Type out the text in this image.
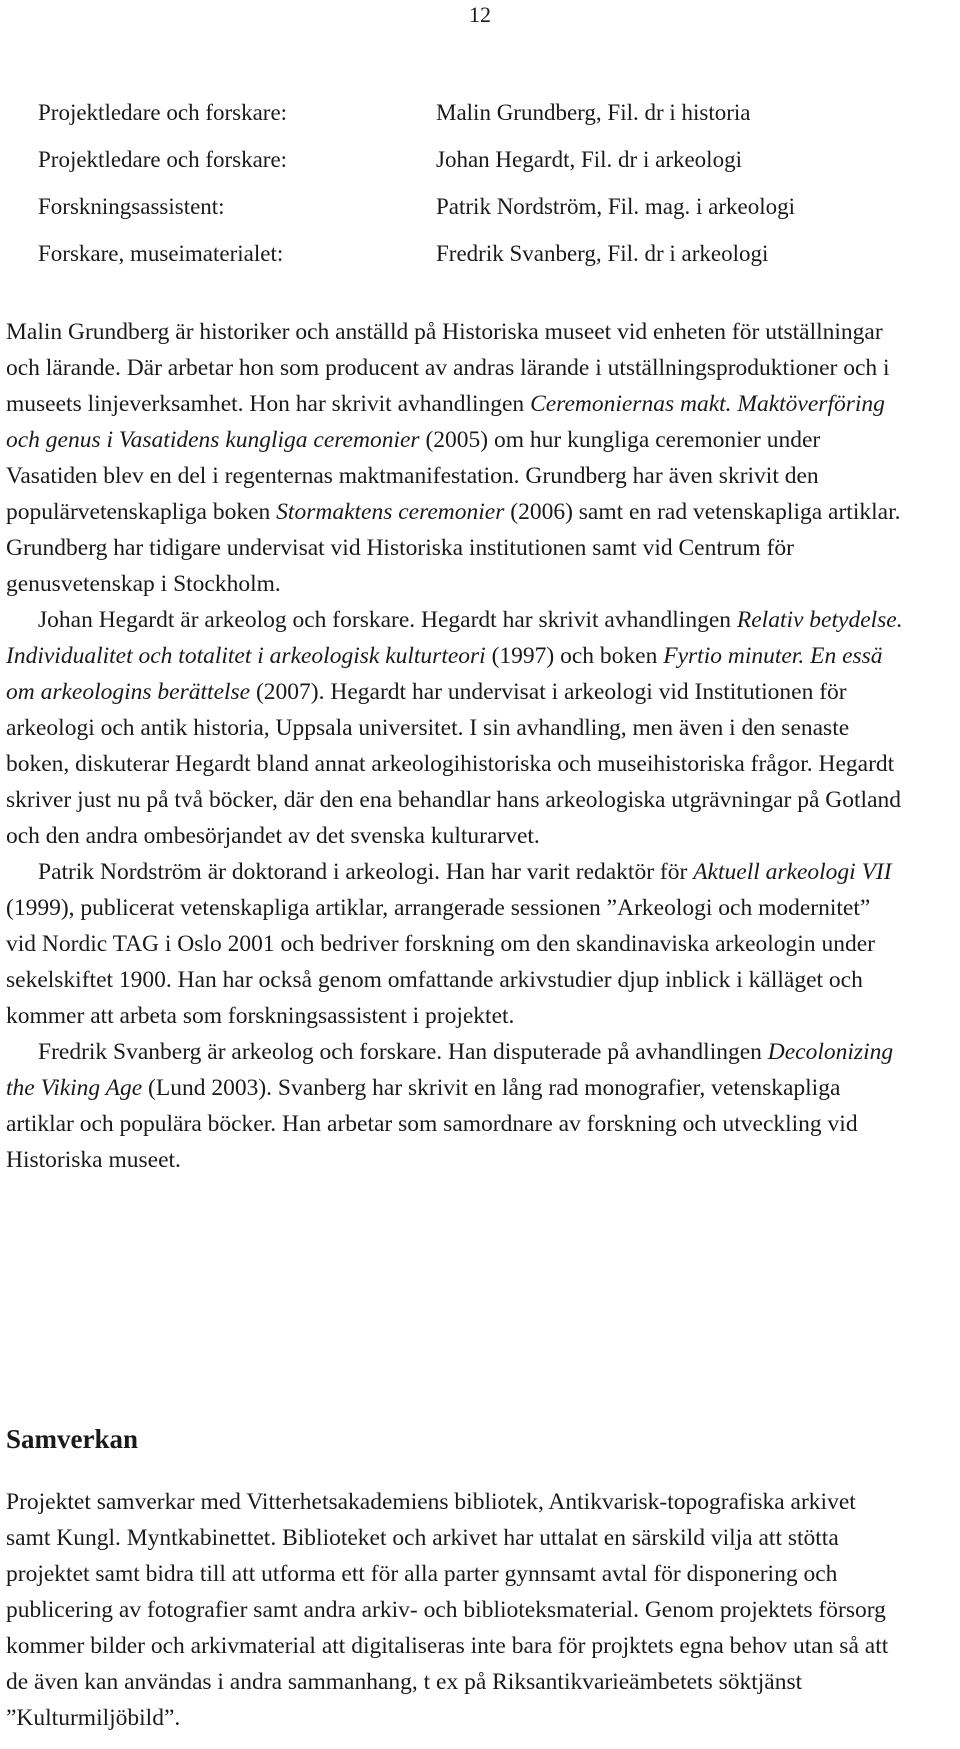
12
Projektledare och forskare:	Malin Grundberg, Fil. dr i historia
Projektledare och forskare:	Johan Hegardt, Fil. dr i arkeologi
Forskningsassistent:	Patrik Nordström, Fil. mag. i arkeologi
Forskare, museimaterialet:	Fredrik Svanberg, Fil. dr i arkeologi

Malin Grundberg är historiker och anställd på Historiska museet vid enheten för utställningar och lärande. Där arbetar hon som producent av andras lärande i utställningsproduktioner och i museets linjeverksamhet. Hon har skrivit avhandlingen Ceremoniernas makt. Maktöverföring och genus i Vasatidens kungliga ceremonier (2005) om hur kungliga ceremonier under Vasatiden blev en del i regenternas maktmanifestation. Grundberg har även skrivit den populärvetenskapliga boken Stormaktens ceremonier (2006) samt en rad vetenskapliga artiklar. Grundberg har tidigare undervisat vid Historiska institutionen samt vid Centrum för genusvetenskap i Stockholm.

Johan Hegardt är arkeolog och forskare. Hegardt har skrivit avhandlingen Relativ betydelse. Individualitet och totalitet i arkeologisk kulturteori (1997) och boken Fyrtio minuter. En essä om arkeologins berättelse (2007). Hegardt har undervisat i arkeologi vid Institutionen för arkeologi och antik historia, Uppsala universitet. I sin avhandling, men även i den senaste boken, diskuterar Hegardt bland annat arkeologihistoriska och museihistoriska frågor. Hegardt skriver just nu på två böcker, där den ena behandlar hans arkeologiska utgrävningar på Gotland och den andra ombesörjandet av det svenska kulturarvet.

Patrik Nordström är doktorand i arkeologi. Han har varit redaktör för Aktuell arkeologi VII (1999), publicerat vetenskapliga artiklar, arrangerade sessionen ”Arkeologi och modernitet” vid Nordic TAG i Oslo 2001 och bedriver forskning om den skandinaviska arkeologin under sekelskiftet 1900. Han har också genom omfattande arkivstudier djup inblick i källäget och kommer att arbeta som forskningsassistent i projektet.

Fredrik Svanberg är arkeolog och forskare. Han disputerade på avhandlingen Decolonizing the Viking Age (Lund 2003). Svanberg har skrivit en lång rad monografier, vetenskapliga artiklar och populära böcker. Han arbetar som samordnare av forskning och utveckling vid Historiska museet.

Samverkan

Projektet samverkar med Vitterhetsakademiens bibliotek, Antikvarisk-topografiska arkivet samt Kungl. Myntkabinettet. Biblioteket och arkivet har uttalat en särskild vilja att stötta projektet samt bidra till att utforma ett för alla parter gynnsamt avtal för disponering och publicering av fotografier samt andra arkiv- och biblioteksmaterial. Genom projektets försorg kommer bilder och arkivmaterial att digitaliseras inte bara för projktets egna behov utan så att de även kan användas i andra sammanhang, t ex på Riksantikvarieämbetets söktjänst ”Kulturmiljöbild”.
